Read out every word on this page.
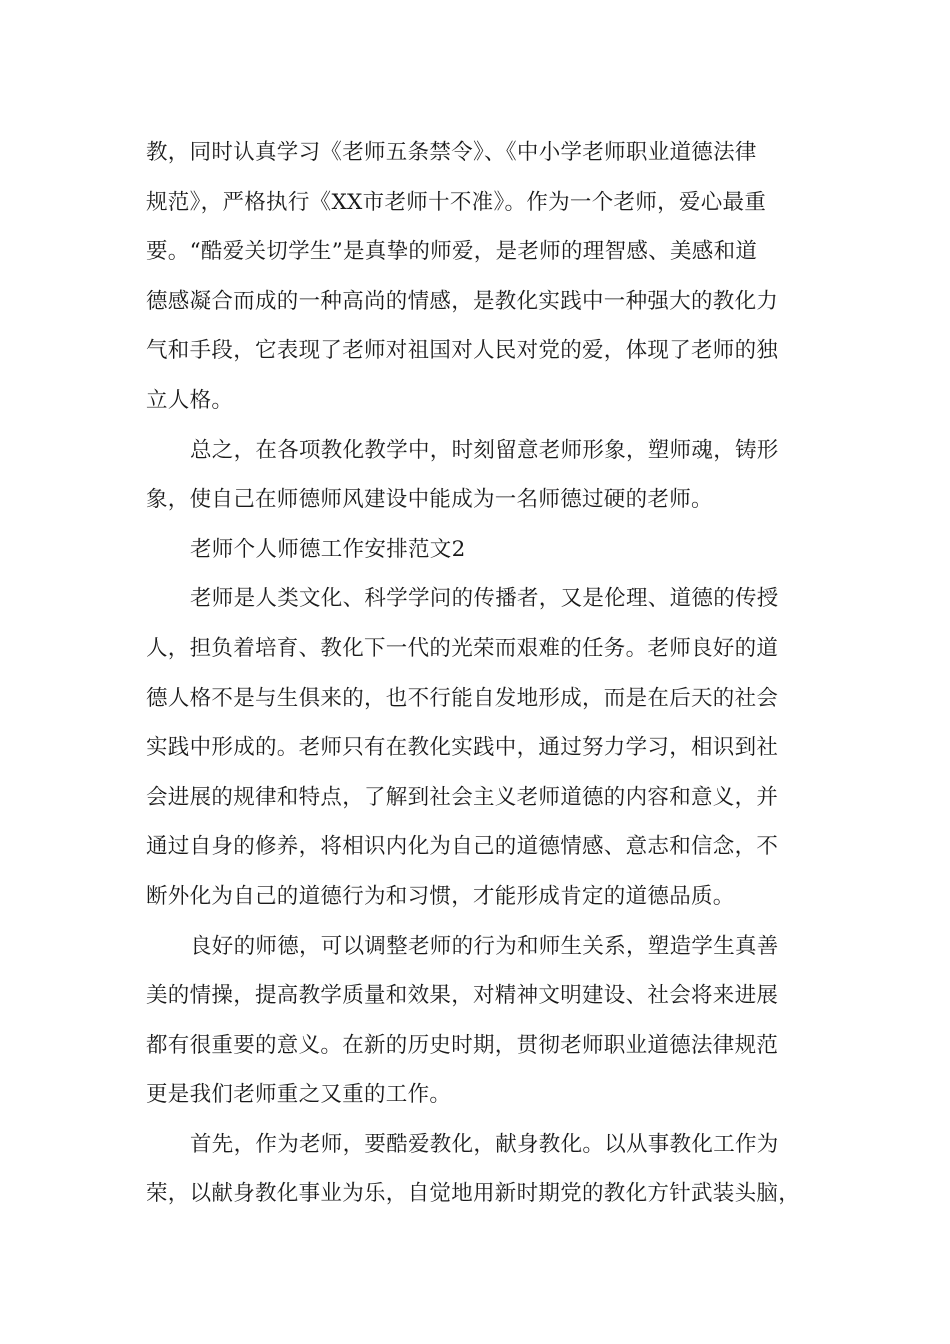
教，同时认真学习《老师五条禁令》、《中小学老师职业道德法律
规范》，严格执行《XX市老师十不准》。作为一个老师，爱心最重
要。“酷爱关切学生”是真挚的师爱，是老师的理智感、美感和道
德感凝合而成的一种高尚的情感，是教化实践中一种强大的教化力
气和手段，它表现了老师对祖国对人民对党的爱，体现了老师的独
立人格。
总之，在各项教化教学中，时刻留意老师形象，塑师魂，铸形
象，使自己在师德师风建设中能成为一名师德过硬的老师。
老师个人师德工作安排范文2
老师是人类文化、科学学问的传播者，又是伦理、道德的传授
人，担负着培育、教化下一代的光荣而艰难的任务。老师良好的道
德人格不是与生俱来的，也不行能自发地形成，而是在后天的社会
实践中形成的。老师只有在教化实践中，通过努力学习，相识到社
会进展的规律和特点，了解到社会主义老师道德的内容和意义，并
通过自身的修养，将相识内化为自己的道德情感、意志和信念，不
断外化为自己的道德行为和习惯，才能形成肯定的道德品质。
良好的师德，可以调整老师的行为和师生关系，塑造学生真善
美的情操，提高教学质量和效果，对精神文明建设、社会将来进展
都有很重要的意义。在新的历史时期，贯彻老师职业道德法律规范
更是我们老师重之又重的工作。
首先，作为老师，要酷爱教化，献身教化。以从事教化工作为
荣，以献身教化事业为乐，自觉地用新时期党的教化方针武装头脑，
